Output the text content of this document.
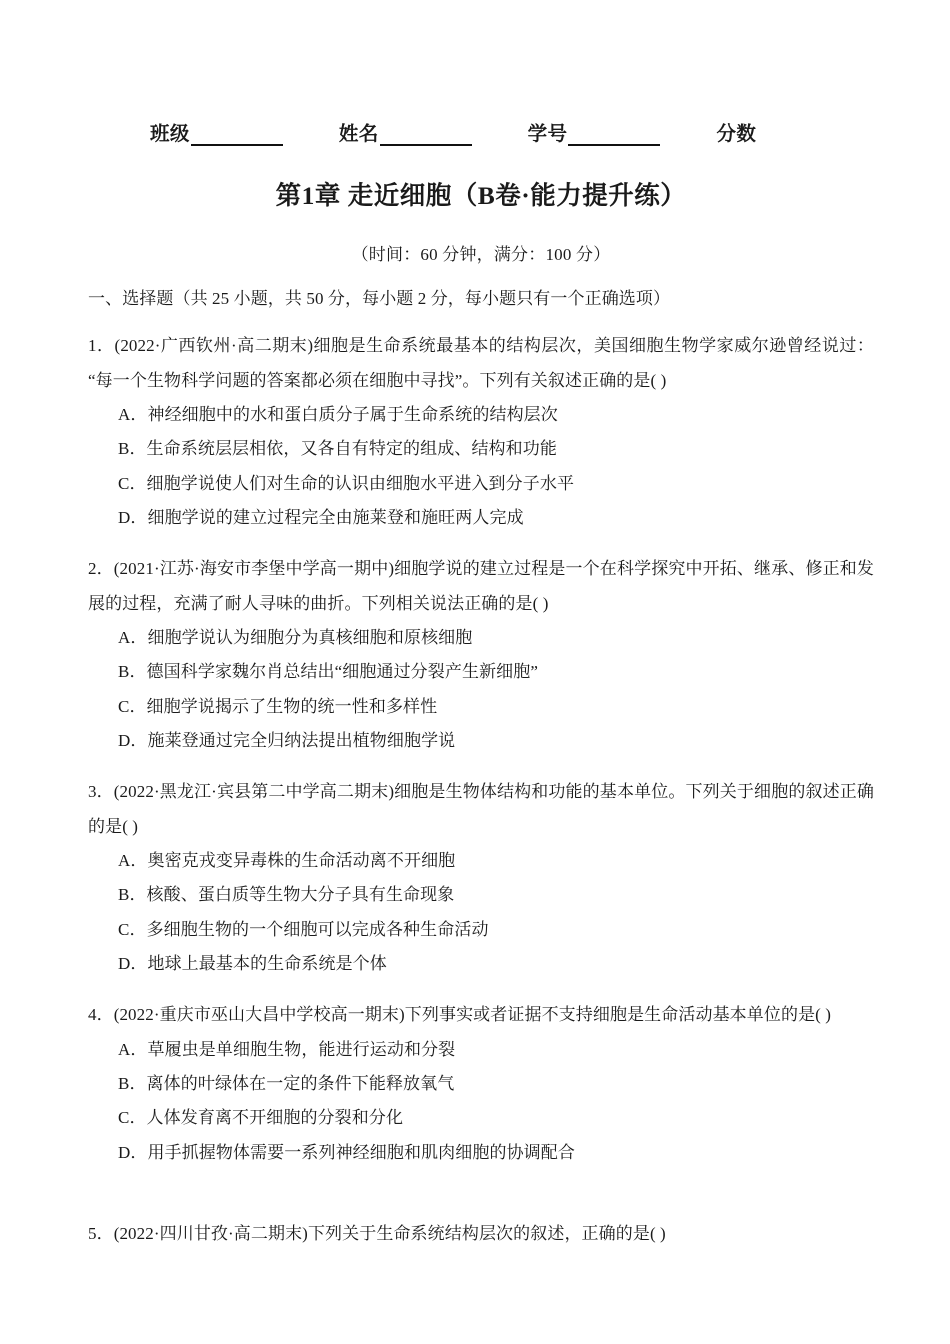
班级	姓名	学号	分数
第1章 走近细胞（B卷·能力提升练）
（时间：60 分钟，满分：100 分）
一、选择题（共 25 小题，共 50 分，每小题 2 分，每小题只有一个正确选项）
1．(2022·广西钦州·高二期末)细胞是生命系统最基本的结构层次，美国细胞生物学家威尔逊曾经说过：“每一个生物科学问题的答案都必须在细胞中寻找”。下列有关叙述正确的是( )
A．神经细胞中的水和蛋白质分子属于生命系统的结构层次
B．生命系统层层相依，又各自有特定的组成、结构和功能
C．细胞学说使人们对生命的认识由细胞水平进入到分子水平
D．细胞学说的建立过程完全由施莱登和施旺两人完成
2．(2021·江苏·海安市李堡中学高一期中)细胞学说的建立过程是一个在科学探究中开拓、继承、修正和发展的过程，充满了耐人寻味的曲折。下列相关说法正确的是( )
A．细胞学说认为细胞分为真核细胞和原核细胞
B．德国科学家魏尔肖总结出“细胞通过分裂产生新细胞”
C．细胞学说揭示了生物的统一性和多样性
D．施莱登通过完全归纳法提出植物细胞学说
3．(2022·黑龙江·宾县第二中学高二期末)细胞是生物体结构和功能的基本单位。下列关于细胞的叙述正确的是( )
A．奥密克戎变异毒株的生命活动离不开细胞
B．核酸、蛋白质等生物大分子具有生命现象
C．多细胞生物的一个细胞可以完成各种生命活动
D．地球上最基本的生命系统是个体
4．(2022·重庆市巫山大昌中学校高一期末)下列事实或者证据不支持细胞是生命活动基本单位的是( )
A．草履虫是单细胞生物，能进行运动和分裂
B．离体的叶绿体在一定的条件下能释放氧气
C．人体发育离不开细胞的分裂和分化
D．用手抓握物体需要一系列神经细胞和肌肉细胞的协调配合
5．(2022·四川甘孜·高二期末)下列关于生命系统结构层次的叙述，正确的是( )
